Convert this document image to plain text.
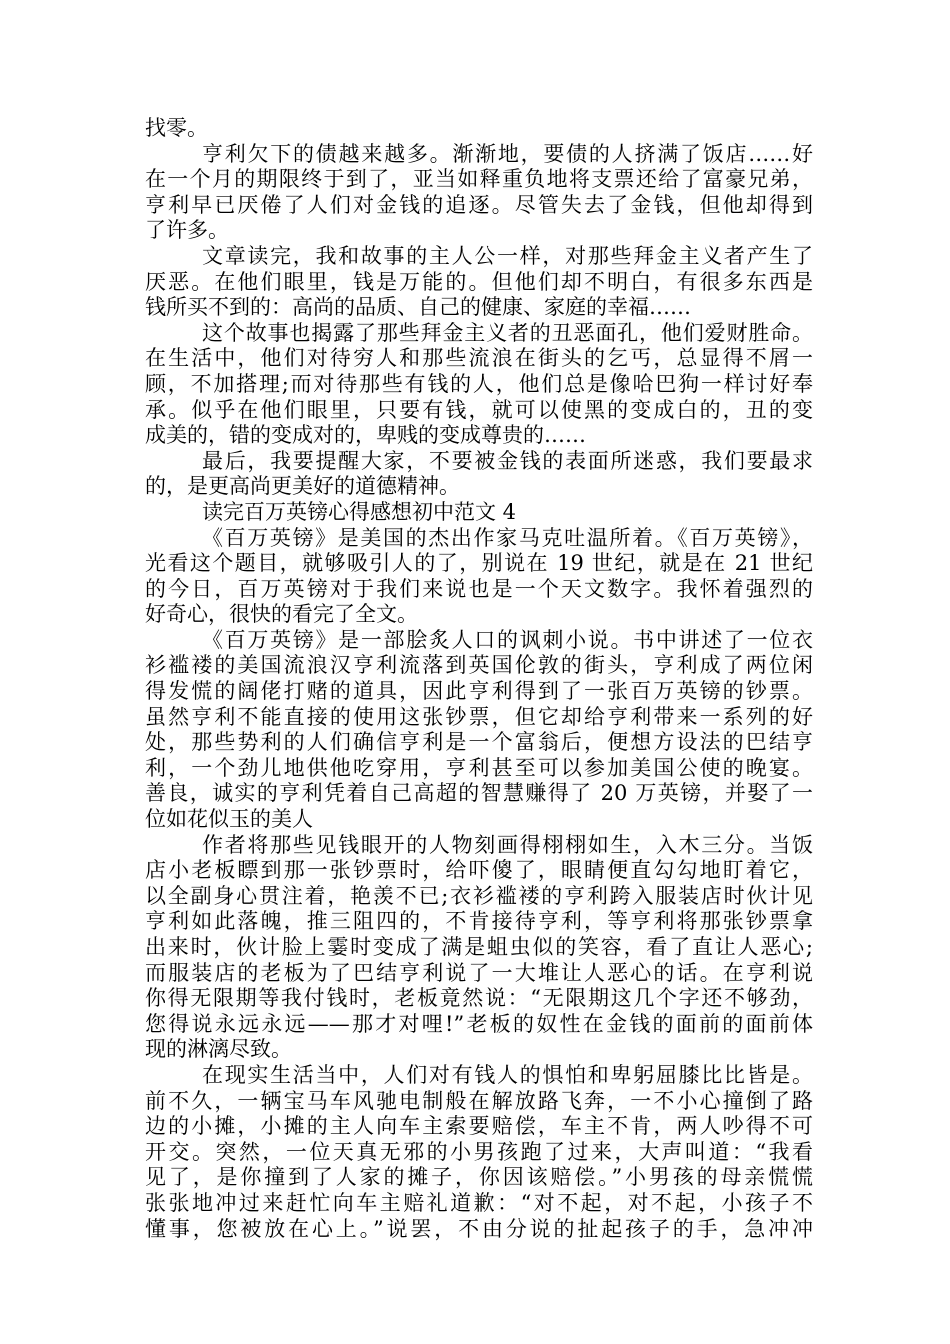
找零。
亨利欠下的债越来越多。渐渐地，要债的人挤满了饭店……好
在一个月的期限终于到了，亚当如释重负地将支票还给了富豪兄弟，
亨利早已厌倦了人们对金钱的追逐。尽管失去了金钱，但他却得到
了许多。
文章读完，我和故事的主人公一样，对那些拜金主义者产生了
厌恶。在他们眼里，钱是万能的。但他们却不明白，有很多东西是
钱所买不到的：高尚的品质、自己的健康、家庭的幸福……
这个故事也揭露了那些拜金主义者的丑恶面孔，他们爱财胜命。
在生活中，他们对待穷人和那些流浪在街头的乞丐，总显得不屑一
顾，不加搭理;而对待那些有钱的人，他们总是像哈巴狗一样讨好奉
承。似乎在他们眼里，只要有钱，就可以使黑的变成白的，丑的变
成美的，错的变成对的，卑贱的变成尊贵的……
最后，我要提醒大家，不要被金钱的表面所迷惑，我们要最求
的，是更高尚更美好的道德精神。
读完百万英镑心得感想初中范文 4
《百万英镑》是美国的杰出作家马克吐温所着。《百万英镑》，
光看这个题目，就够吸引人的了，别说在 19 世纪，就是在 21 世纪
的今日，百万英镑对于我们来说也是一个天文数字。我怀着强烈的
好奇心，很快的看完了全文。
《百万英镑》是一部脍炙人口的讽刺小说。书中讲述了一位衣
衫褴褛的美国流浪汉亨利流落到英国伦敦的街头，亨利成了两位闲
得发慌的阔佬打赌的道具，因此亨利得到了一张百万英镑的钞票。
虽然亨利不能直接的使用这张钞票，但它却给亨利带来一系列的好
处，那些势利的人们确信亨利是一个富翁后，便想方设法的巴结亨
利，一个劲儿地供他吃穿用，亨利甚至可以参加美国公使的晚宴。
善良，诚实的亨利凭着自己高超的智慧赚得了 20 万英镑，并娶了一
位如花似玉的美人
作者将那些见钱眼开的人物刻画得栩栩如生，入木三分。当饭
店小老板瞟到那一张钞票时，给吓傻了，眼睛便直勾勾地盯着它，
以全副身心贯注着，艳羡不已;衣衫褴褛的亨利跨入服装店时伙计见
亨利如此落魄，推三阻四的，不肯接待亨利，等亨利将那张钞票拿
出来时，伙计脸上霎时变成了满是蛆虫似的笑容，看了直让人恶心;
而服装店的老板为了巴结亨利说了一大堆让人恶心的话。在亨利说
你得无限期等我付钱时，老板竟然说：“无限期这几个字还不够劲，
您得说永远永远——那才对哩!”老板的奴性在金钱的面前的面前体
现的淋漓尽致。
在现实生活当中，人们对有钱人的惧怕和卑躬屈膝比比皆是。
前不久，一辆宝马车风驰电制般在解放路飞奔，一不小心撞倒了路
边的小摊，小摊的主人向车主索要赔偿，车主不肯，两人吵得不可
开交。突然，一位天真无邪的小男孩跑了过来，大声叫道：“我看
见了，是你撞到了人家的摊子，你因该赔偿。”小男孩的母亲慌慌
张张地冲过来赶忙向车主赔礼道歉：“对不起，对不起，小孩子不
懂事，您被放在心上。”说罢，不由分说的扯起孩子的手，急冲冲
